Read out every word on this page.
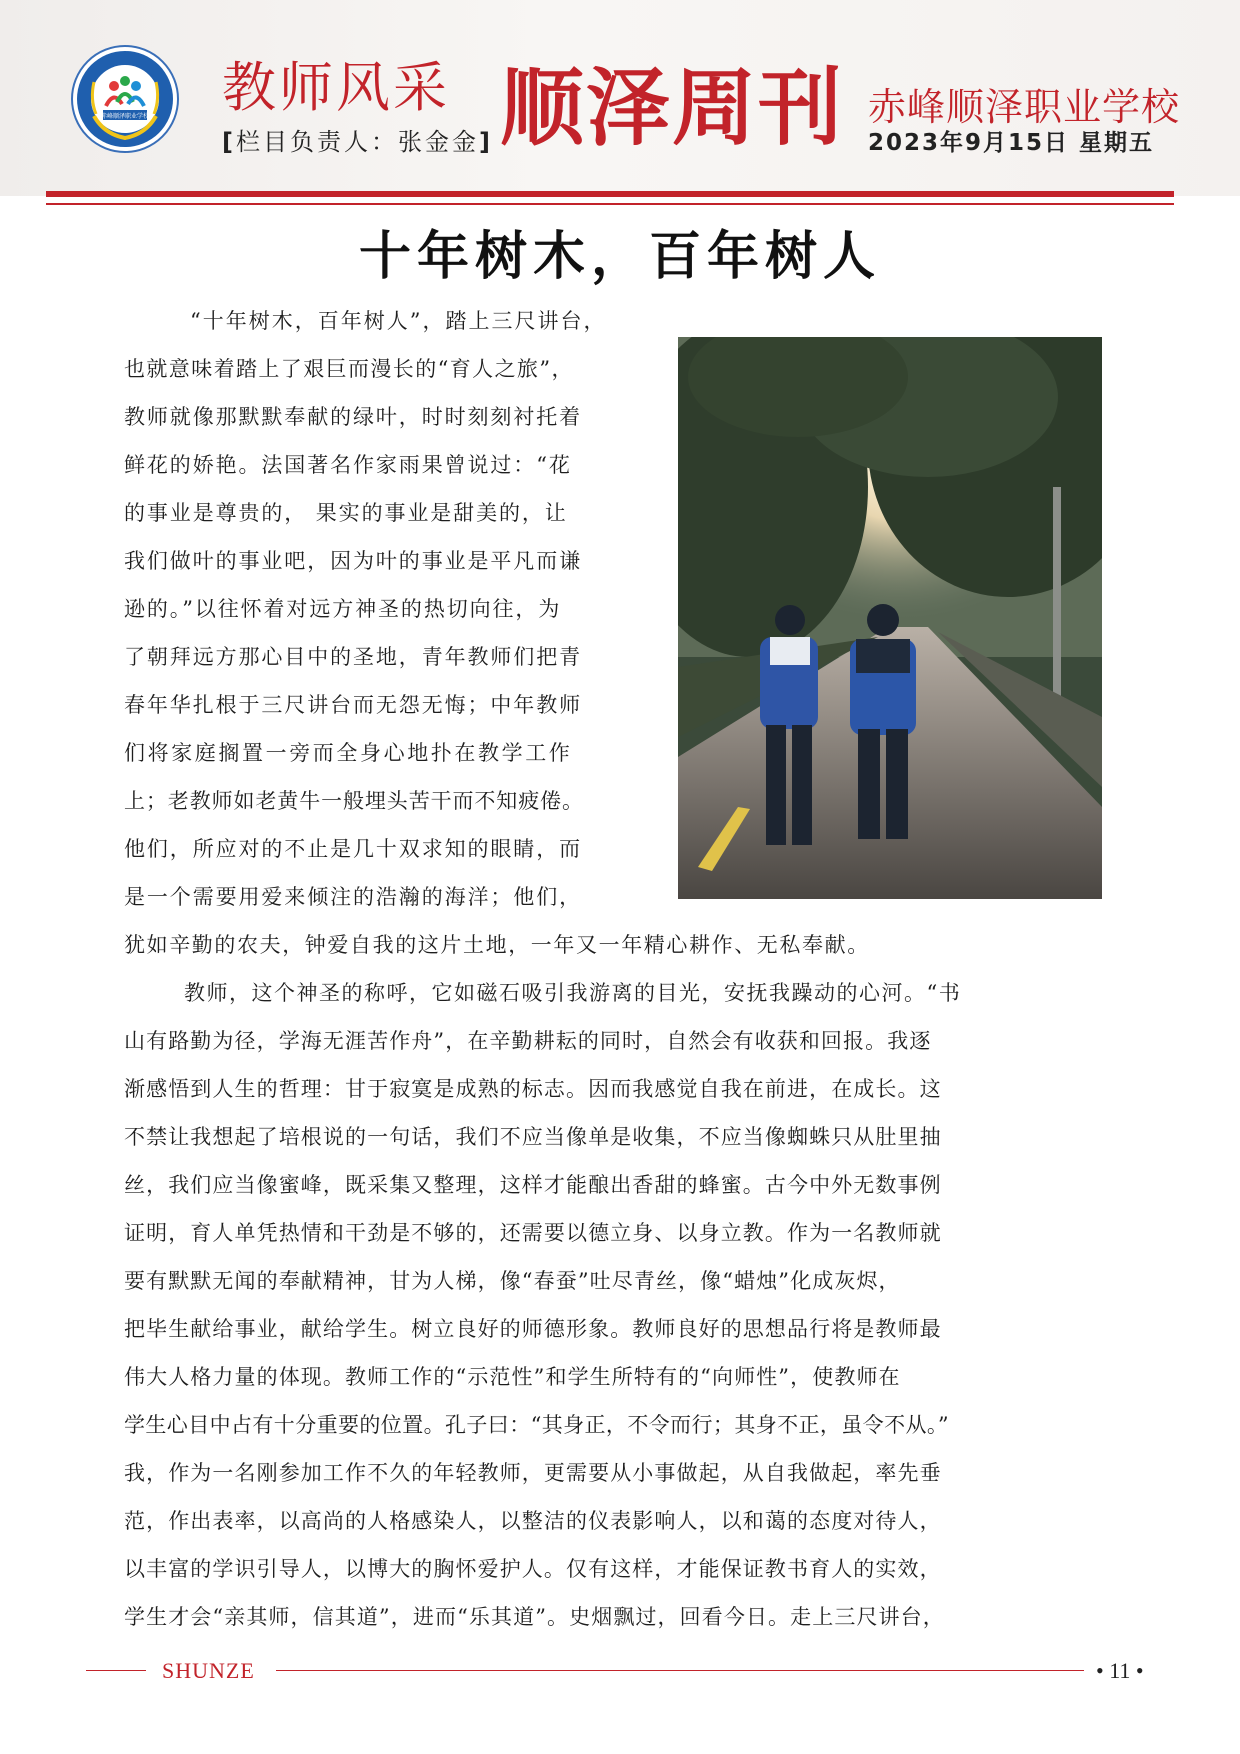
赤峰顺泽职业学校 教师风采
[栏目负责人：张金金] 顺泽周刊 赤峰顺泽职业学校
2023年9月15日 星期五
十年树木，百年树人
“十年树木，百年树人”，踏上三尺讲台，
也就意味着踏上了艰巨而漫长的“育人之旅”，
教师就像那默默奉献的绿叶，时时刻刻衬托着
鲜花的娇艳。法国著名作家雨果曾说过：“花
的事业是尊贵的， 果实的事业是甜美的，让
我们做叶的事业吧，因为叶的事业是平凡而谦
逊的。”以往怀着对远方神圣的热切向往，为
了朝拜远方那心目中的圣地，青年教师们把青
春年华扎根于三尺讲台而无怨无悔；中年教师
们将家庭搁置一旁而全身心地扑在教学工作
上；老教师如老黄牛一般埋头苦干而不知疲倦。
他们，所应对的不止是几十双求知的眼睛，而
是一个需要用爱来倾注的浩瀚的海洋；他们，
犹如辛勤的农夫，钟爱自我的这片土地，一年又一年精心耕作、无私奉献。
教师，这个神圣的称呼，它如磁石吸引我游离的目光，安抚我躁动的心河。“书
山有路勤为径，学海无涯苦作舟”，在辛勤耕耘的同时，自然会有收获和回报。我逐
渐感悟到人生的哲理：甘于寂寞是成熟的标志。因而我感觉自我在前进，在成长。这
不禁让我想起了培根说的一句话，我们不应当像单是收集，不应当像蜘蛛只从肚里抽
丝，我们应当像蜜峰，既采集又整理，这样才能酿出香甜的蜂蜜。古今中外无数事例
证明，育人单凭热情和干劲是不够的，还需要以德立身、以身立教。作为一名教师就
要有默默无闻的奉献精神，甘为人梯，像“春蚕”吐尽青丝，像“蜡烛”化成灰烬，
把毕生献给事业，献给学生。树立良好的师德形象。教师良好的思想品行将是教师最
伟大人格力量的体现。教师工作的“示范性”和学生所特有的“向师性”，使教师在
学生心目中占有十分重要的位置。孔子曰：“其身正，不令而行；其身不正，虽令不从。”
我，作为一名刚参加工作不久的年轻教师，更需要从小事做起，从自我做起，率先垂
范，作出表率，以高尚的人格感染人，以整洁的仪表影响人，以和蔼的态度对待人，
以丰富的学识引导人，以博大的胸怀爱护人。仅有这样，才能保证教书育人的实效，
学生才会“亲其师，信其道”，进而“乐其道”。史烟飘过，回看今日。走上三尺讲台，
SHUNZE	• 11 •
